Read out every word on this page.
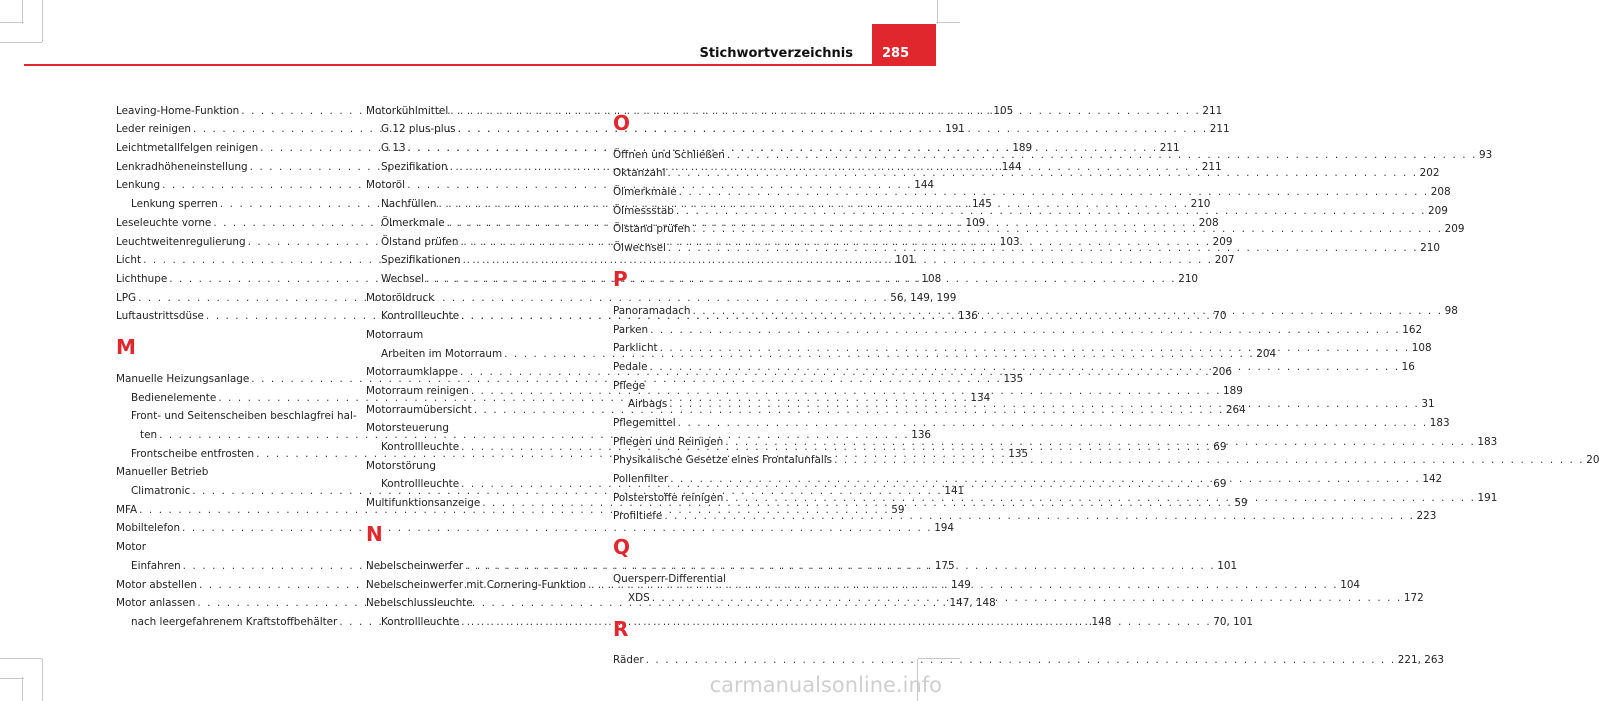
Stichwortverzeichnis 285
Leaving-Home-Funktion . . .	105
Leder reinigen . . .	191
Leichtmetallfelgen reinigen . . .	189
Lenkradhöheneinstellung . . .	144
Lenkung . . .	144
Lenkung sperren . . .	145
Leseleuchte vorne . . .	109
Leuchtweitenregulierung . . .	103
Licht . . .	101
Lichthupe . . .	108
LPG . . .	56, 149, 199
Luftaustrittsdüse . . .	136
M
Manuelle Heizungsanlage . . .	135
Bedienelemente . . .	134
Front- und Seitenscheiben beschlagfrei hal-
ten . . .	136
Frontscheibe entfrosten . . .	135
Manueller Betrieb
Climatronic . . .	141
MFA . . .	59
Mobiltelefon . . .	194
Motor
Einfahren . . .	175
Motor abstellen . . .	149
Motor anlassen . . .	147, 148
nach leergefahrenem Kraftstoffbehälter . . .	148
Motorkühlmittel . . .	211
G 12 plus-plus . . .	211
G 13 . . .	211
Spezifikation . . .	211
Motoröl
Nachfüllen . . .	210
Ölmerkmale . . .	208
Ölstand prüfen . . .	209
Spezifikationen . . .	207
Wechsel . . .	210
Motoröldruck
Kontrollleuchte . . .	70
Motorraum
Arbeiten im Motorraum . . .	204
Motorraumklappe . . .	206
Motorraum reinigen . . .	189
Motorraumübersicht . . .	264
Motorsteuerung
Kontrollleuchte . . .	69
Motorstörung
Kontrollleuchte . . .	69
Multifunktionsanzeige . . .	59
N
Nebelscheinwerfer . . .	101
Nebelscheinwerfer mit Cornering-Funktion . . .	104
Nebelschlussleuchte
Kontrollleuchte . . .	70, 101
O
Öffnen und Schließen . . .	93
Oktanzahl . . .	202
Ölmerkmale . . .	208
Ölmessstab . . .	209
Ölstand prüfen . . .	209
Ölwechsel . . .	210
P
Panoramadach . . .	98
Parken . . .	162
Parklicht . . .	108
Pedale . . .	16
Pflege
Airbags . . .	31
Pflegemittel . . .	183
Pflegen und Reinigen . . .	183
Physikalische Gesetze eines Frontalunfalls . . .	20
Pollenfilter . . .	142
Polsterstoffe reinigen . . .	191
Profiltiefe . . .	223
Q
Quersperr-Differential
XDS . . .	172
R
Räder . . .	221, 263
carmanualsonline.info
